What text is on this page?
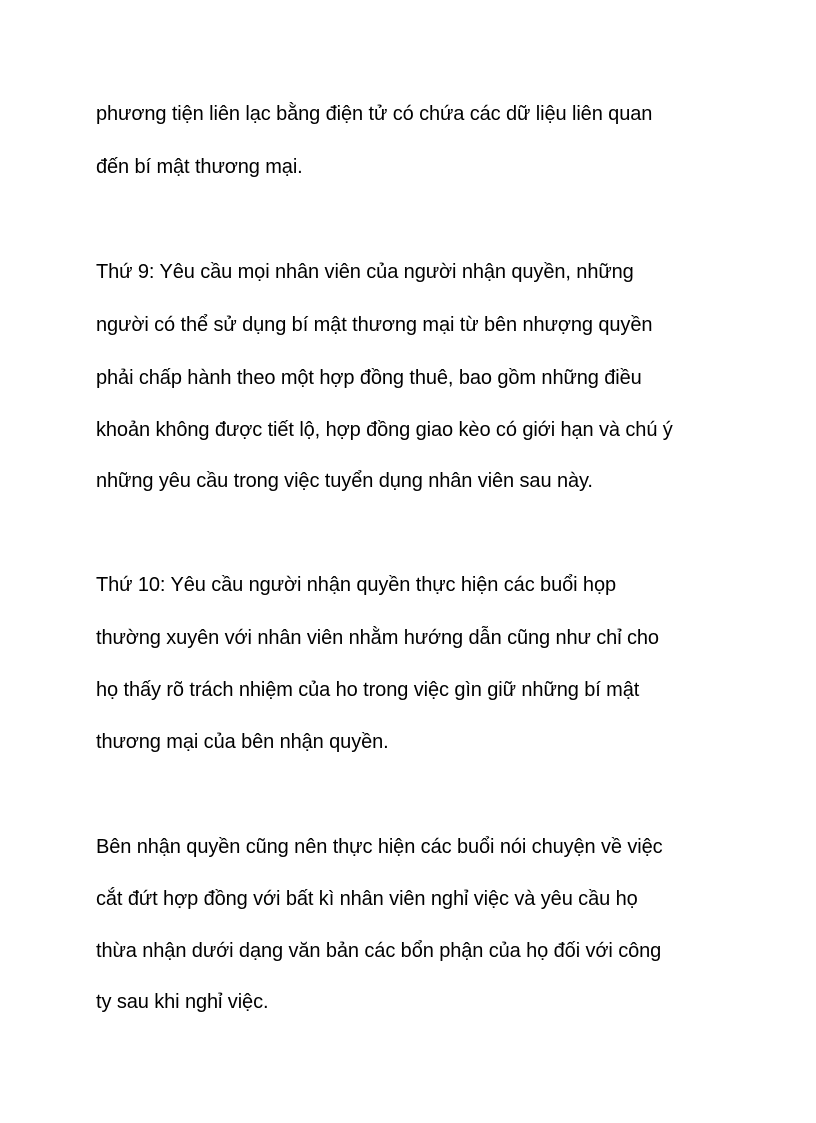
phương tiện liên lạc bằng điện tử có chứa các dữ liệu liên quan
đến bí mật thương mại.
Thứ 9: Yêu cầu mọi nhân viên của người nhận quyền, những
người có thể sử dụng bí mật thương mại từ bên nhượng quyền
phải chấp hành theo một hợp đồng thuê, bao gồm những điều
khoản không được tiết lộ, hợp đồng giao kèo có giới hạn và chú ý
những yêu cầu trong việc tuyển dụng nhân viên sau này.
Thứ 10: Yêu cầu người nhận quyền thực hiện các buổi họp
thường xuyên với nhân viên nhằm hướng dẫn cũng như chỉ cho
họ thấy rõ trách nhiệm của ho trong việc gìn giữ những bí mật
thương mại của bên nhận quyền.
Bên nhận quyền cũng nên thực hiện các buổi nói chuyện về việc
cắt đứt hợp đồng với bất kì nhân viên nghỉ việc và yêu cầu họ
thừa nhận dưới dạng văn bản các bổn phận của họ đối với công
ty sau khi nghỉ việc.
